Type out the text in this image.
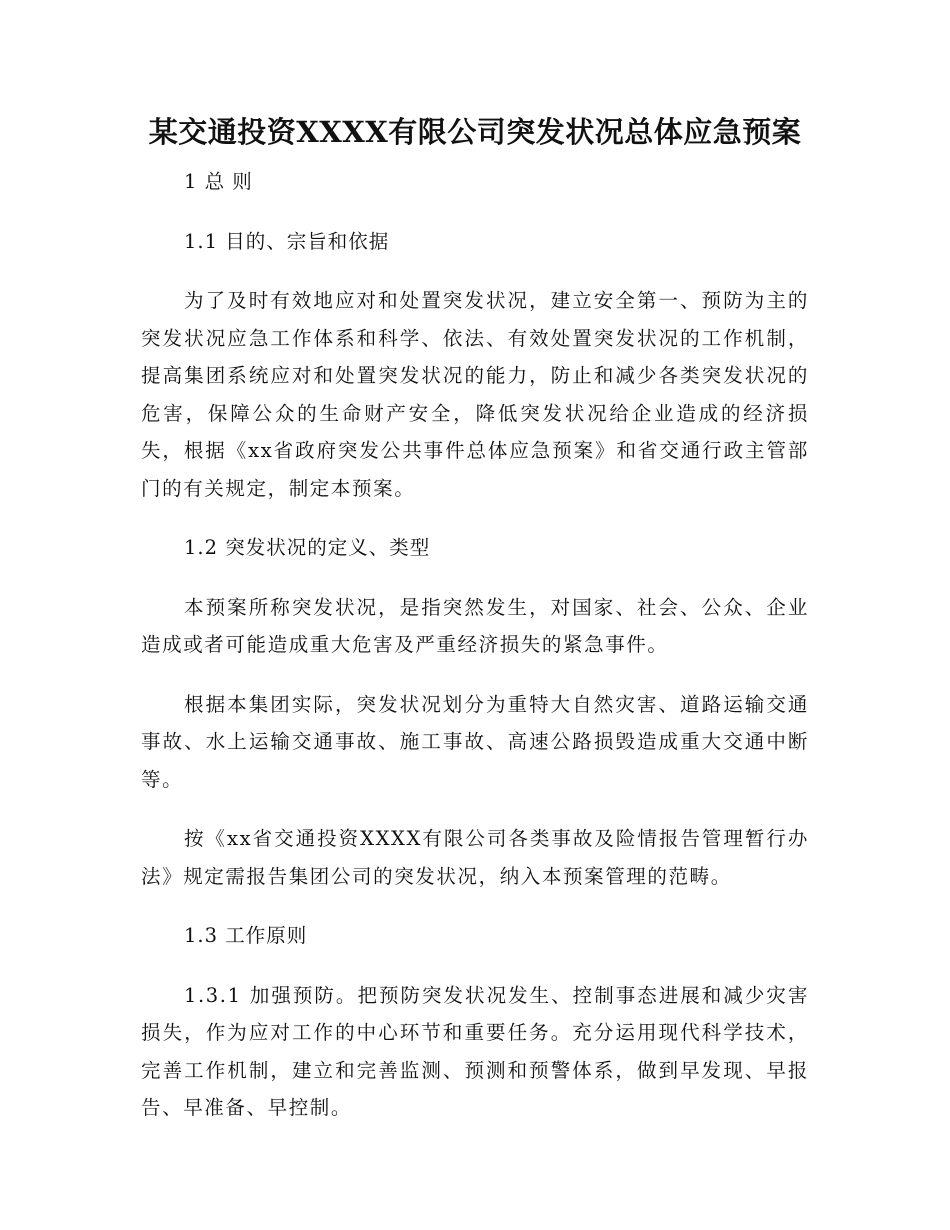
某交通投资XXXX有限公司突发状况总体应急预案

1 总 则

1.1 目的、宗旨和依据

为了及时有效地应对和处置突发状况，建立安全第一、预防为主的突发状况应急工作体系和科学、依法、有效处置突发状况的工作机制，提高集团系统应对和处置突发状况的能力，防止和减少各类突发状况的危害，保障公众的生命财产安全，降低突发状况给企业造成的经济损失，根据《xx省政府突发公共事件总体应急预案》和省交通行政主管部门的有关规定，制定本预案。

1.2 突发状况的定义、类型

本预案所称突发状况，是指突然发生，对国家、社会、公众、企业造成或者可能造成重大危害及严重经济损失的紧急事件。

根据本集团实际，突发状况划分为重特大自然灾害、道路运输交通事故、水上运输交通事故、施工事故、高速公路损毁造成重大交通中断等。

按《xx省交通投资XXXX有限公司各类事故及险情报告管理暂行办法》规定需报告集团公司的突发状况，纳入本预案管理的范畴。

1.3 工作原则

1.3.1 加强预防。把预防突发状况发生、控制事态进展和减少灾害损失，作为应对工作的中心环节和重要任务。充分运用现代科学技术，完善工作机制，建立和完善监测、预测和预警体系，做到早发现、早报告、早准备、早控制。
